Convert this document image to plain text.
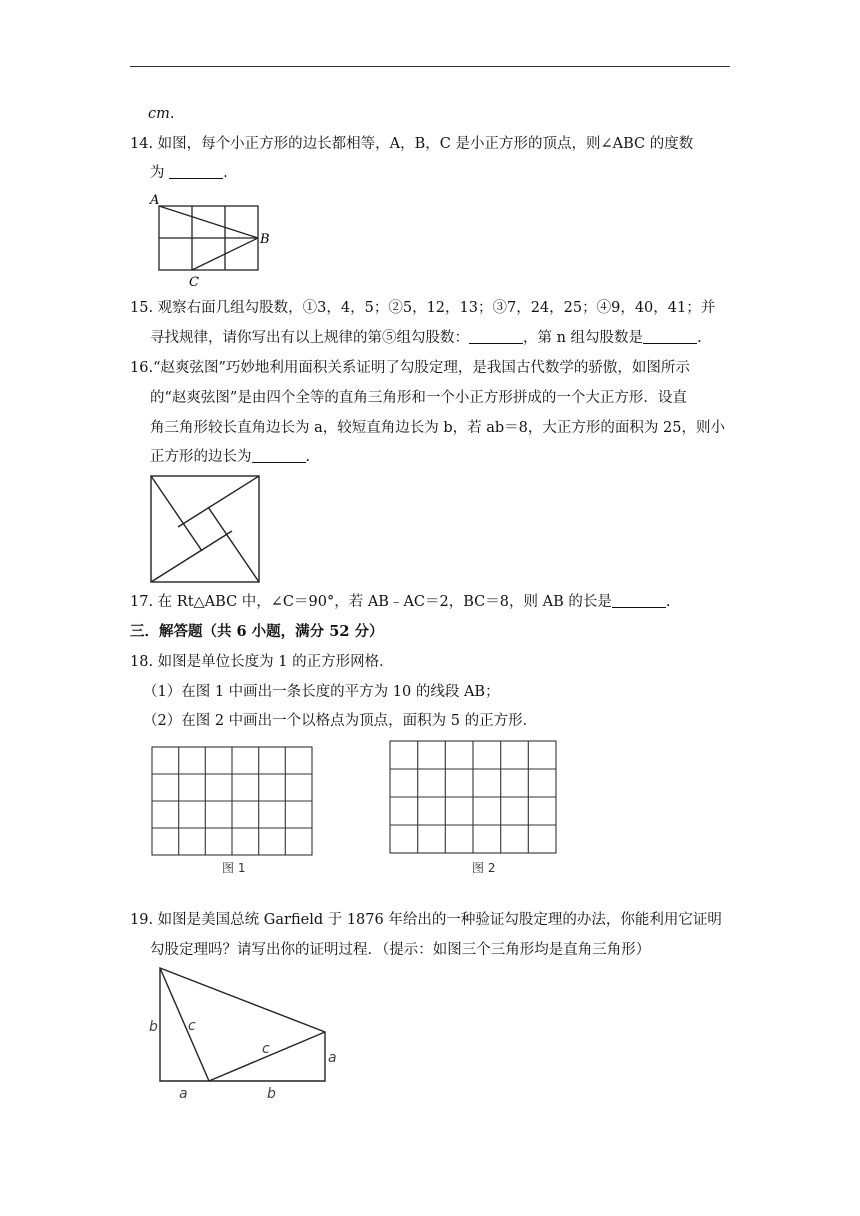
cm.
14. 如图，每个小正方形的边长都相等，A，B，C 是小正方形的顶点，则∠ABC 的度数
为	.
A
B
C
15. 观察右面几组勾股数，①3，4，5；②5，12，13；③7，24，25；④9，40，41；并
寻找规律，请你写出有以上规律的第⑤组勾股数：	，第 n 组勾股数是	.
16.“赵爽弦图”巧妙地利用面积关系证明了勾股定理，是我国古代数学的骄傲，如图所示
的“赵爽弦图”是由四个全等的直角三角形和一个小正方形拼成的一个大正方形．设直
角三角形较长直角边长为 a，较短直角边长为 b，若 ab＝8，大正方形的面积为 25，则小
正方形的边长为	.
17. 在 Rt△ABC 中，∠C＝90°，若 AB﹣AC＝2，BC＝8，则 AB 的长是	.
三．解答题（共 6 小题，满分 52 分）
18. 如图是单位长度为 1 的正方形网格．
（1）在图 1 中画出一条长度的平方为 10 的线段 AB；
（2）在图 2 中画出一个以格点为顶点，面积为 5 的正方形．
图 1	图 2
19. 如图是美国总统 Garfield 于 1876 年给出的一种验证勾股定理的办法，你能利用它证明
勾股定理吗？请写出你的证明过程．（提示：如图三个三角形均是直角三角形）
b c
c
a
a	b
